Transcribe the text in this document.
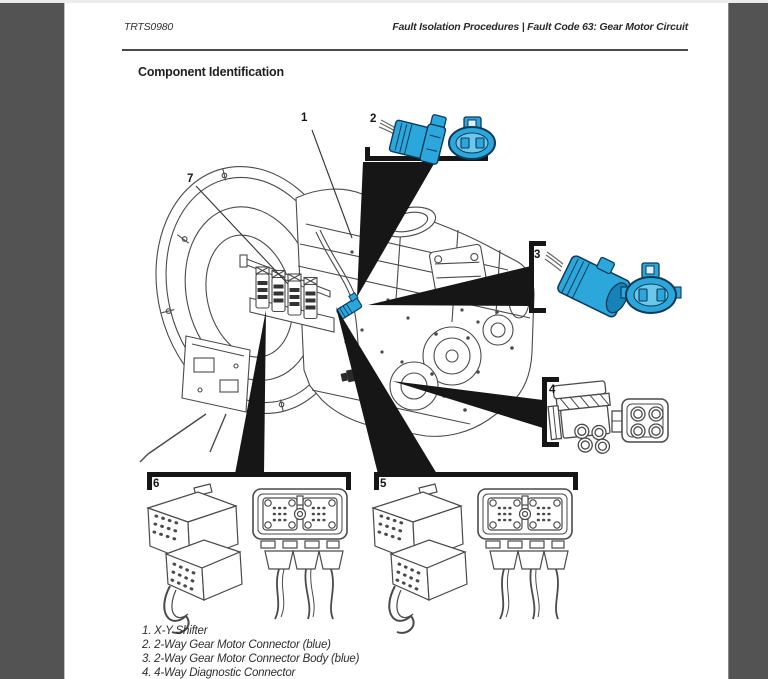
TRTS0980	Fault Isolation Procedures | Fault Code 63: Gear Motor Circuit
Component Identification
1	2
3
4
5
6
7
1. X-Y Shifter
2. 2-Way Gear Motor Connector (blue)
3. 2-Way Gear Motor Connector Body (blue)
4. 4-Way Diagnostic Connector
